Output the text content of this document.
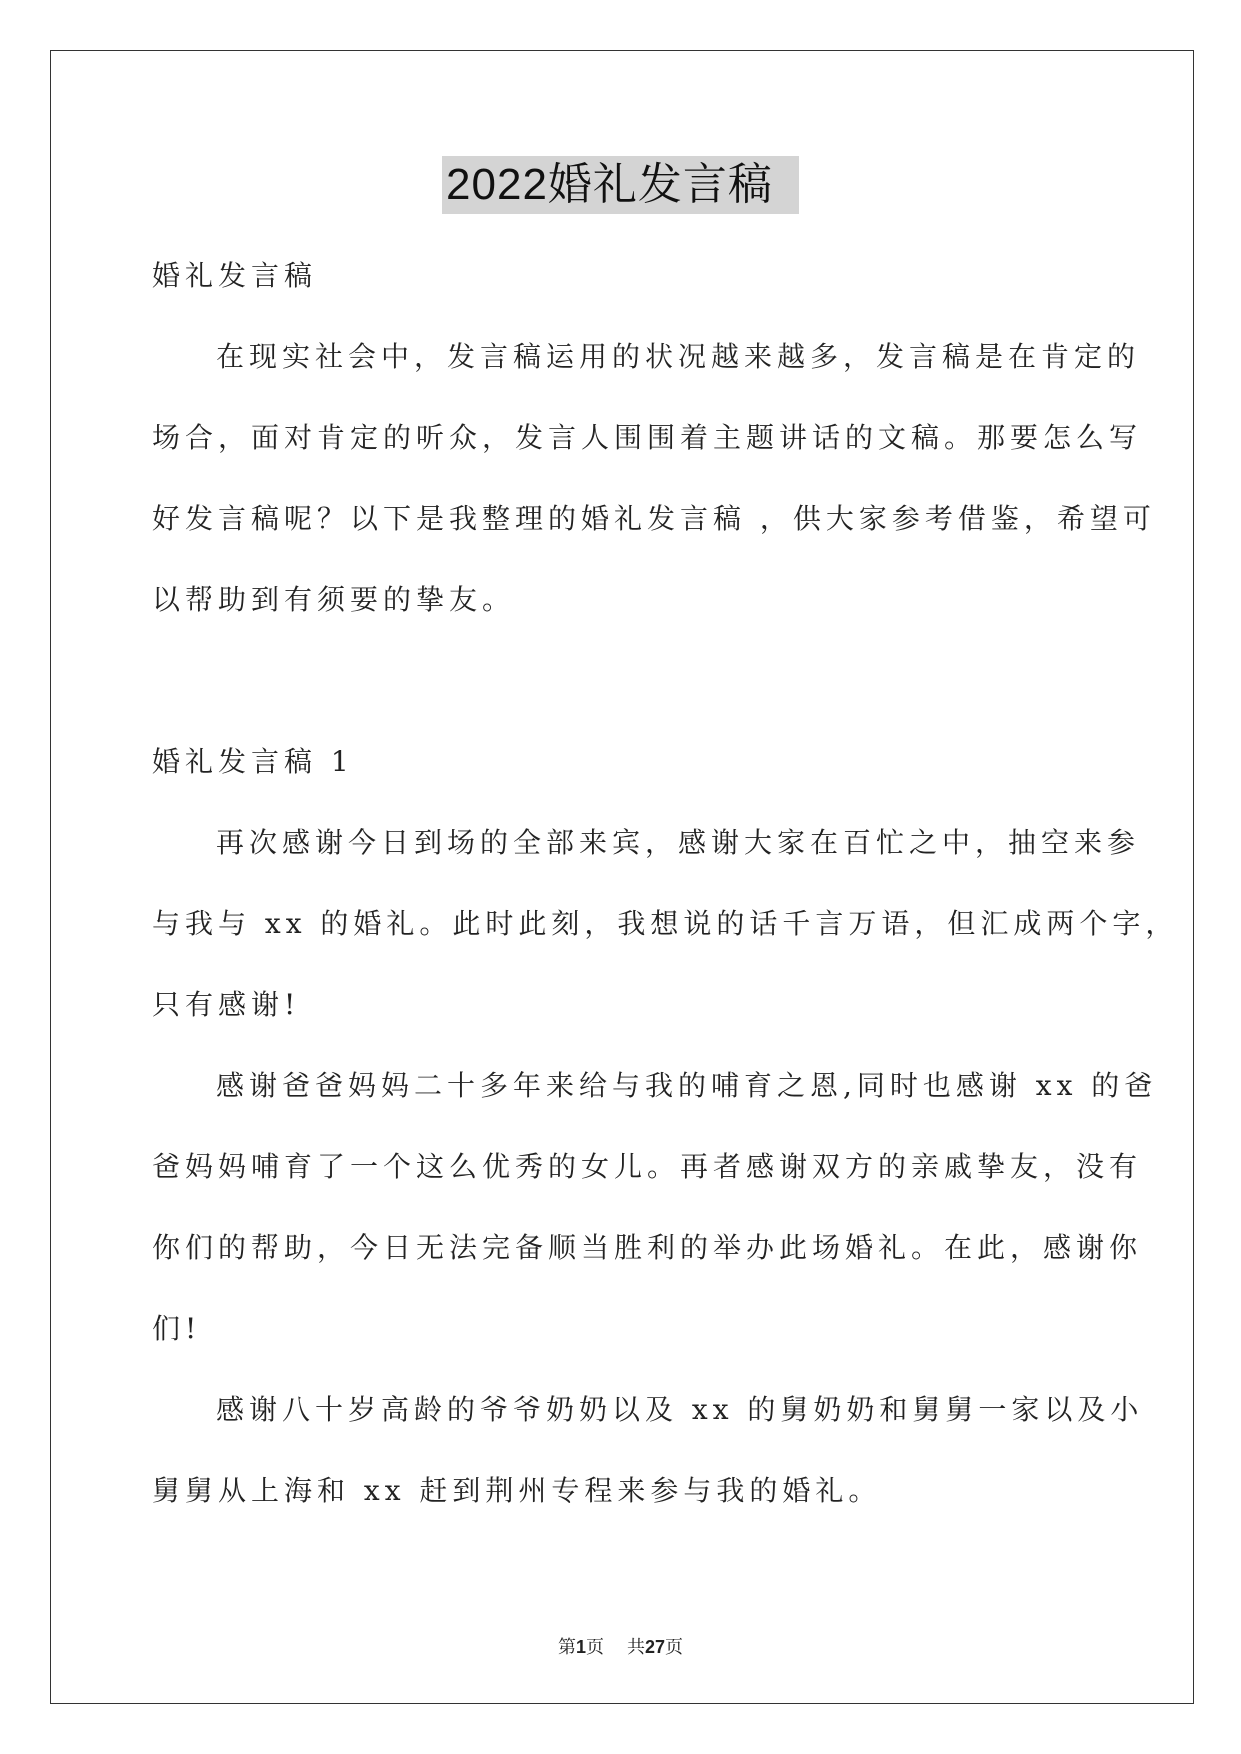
2022婚礼发言稿
婚礼发言稿
在现实社会中，发言稿运用的状况越来越多，发言稿是在肯定的
场合，面对肯定的听众，发言人围围着主题讲话的文稿。那要怎么写
好发言稿呢？以下是我整理的婚礼发言稿 ，供大家参考借鉴，希望可
以帮助到有须要的挚友。
婚礼发言稿 1
再次感谢今日到场的全部来宾，感谢大家在百忙之中，抽空来参
与我与 xx 的婚礼。此时此刻，我想说的话千言万语，但汇成两个字，
只有感谢!
感谢爸爸妈妈二十多年来给与我的哺育之恩,同时也感谢 xx 的爸
爸妈妈哺育了一个这么优秀的女儿。再者感谢双方的亲戚挚友，没有
你们的帮助，今日无法完备顺当胜利的举办此场婚礼。在此，感谢你
们!
感谢八十岁高龄的爷爷奶奶以及 xx 的舅奶奶和舅舅一家以及小
舅舅从上海和 xx 赶到荆州专程来参与我的婚礼。
第1页 共27页
